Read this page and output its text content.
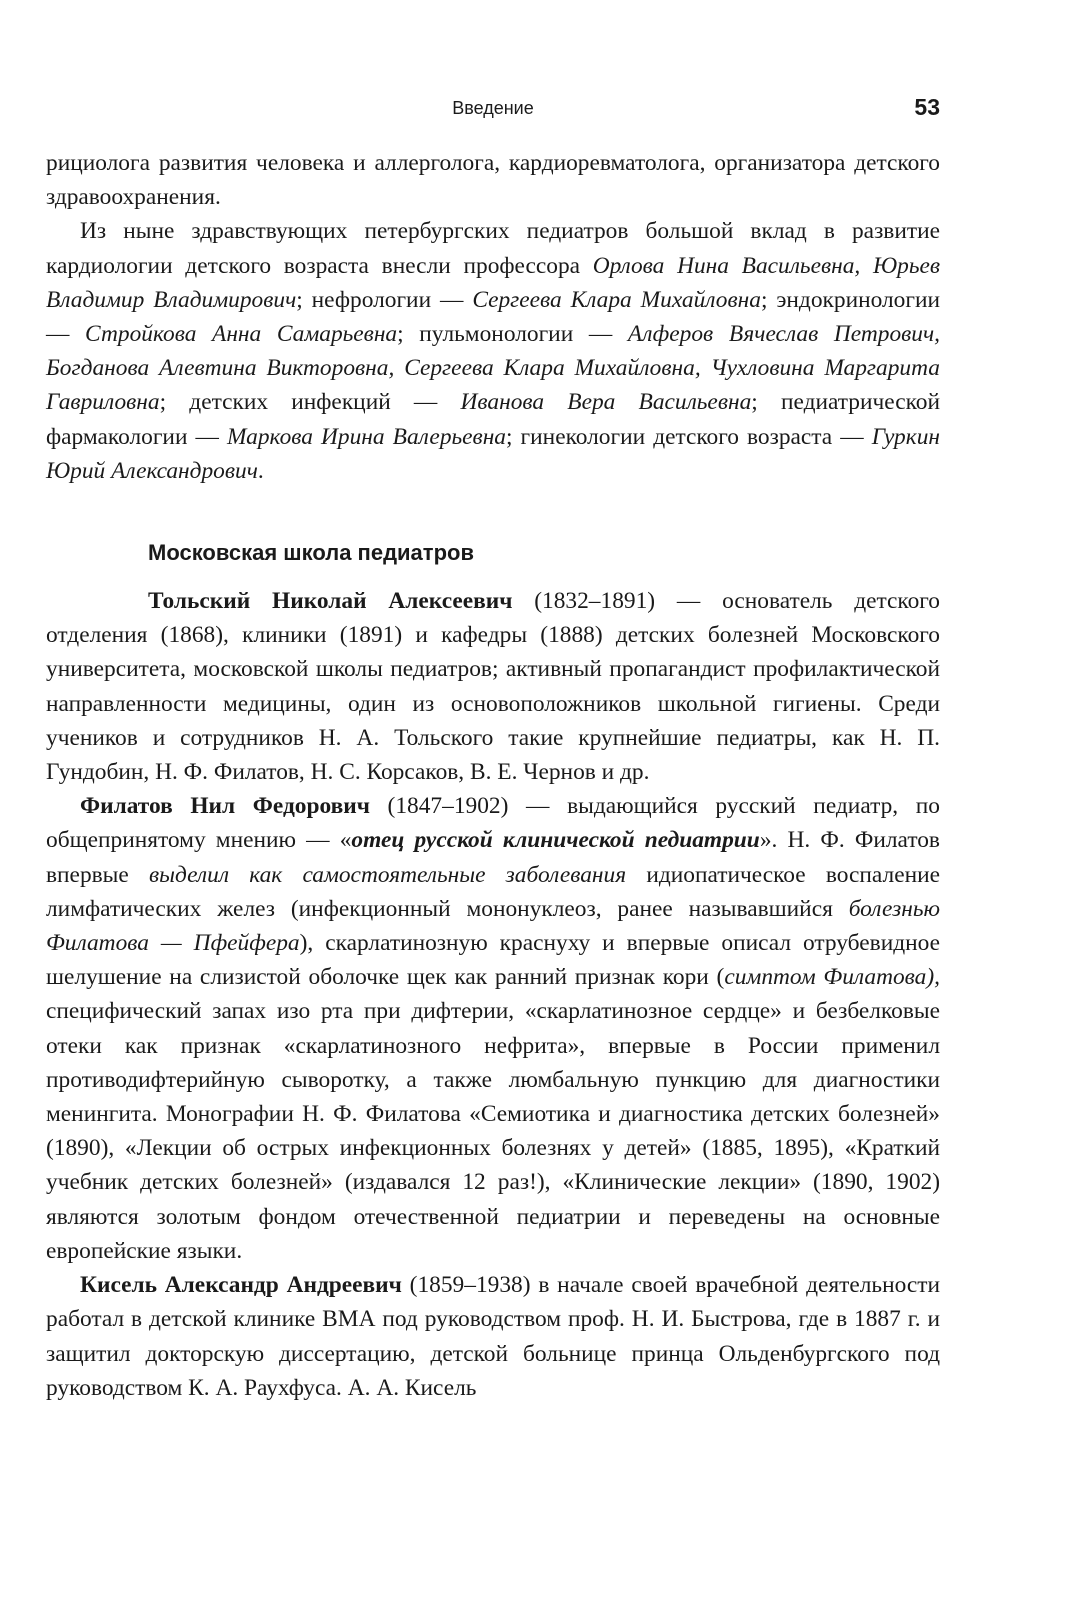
Введение	53

рициолога развития человека и аллерголога, кардиоревматолога, организатора детского здравоохранения.

Из ныне здравствующих петербургских педиатров большой вклад в развитие кардиологии детского возраста внесли профессора Орлова Нина Васильевна, Юрьев Владимир Владимирович; нефрологии — Сергеева Клара Михайловна; эндокринологии — Стройкова Анна Самарьевна; пульмонологии — Алферов Вячеслав Петрович, Богданова Алевтина Викторовна, Сергеева Клара Михайловна, Чухловина Маргарита Гавриловна; детских инфекций — Иванова Вера Васильевна; педиатрической фармакологии — Маркова Ирина Валерьевна; гинекологии детского возраста — Гуркин Юрий Александрович.

Московская школа педиатров

Тольский Николай Алексеевич (1832–1891) — основатель детского отделения (1868), клиники (1891) и кафедры (1888) детских болезней Московского университета, московской школы педиатров; активный пропагандист профилактической направленности медицины, один из основоположников школьной гигиены. Среди учеников и сотрудников Н. А. Тольского такие крупнейшие педиатры, как Н. П. Гундобин, Н. Ф. Филатов, Н. С. Корсаков, В. Е. Чернов и др.

Филатов Нил Федорович (1847–1902) — выдающийся русский педиатр, по общепринятому мнению — «отец русской клинической педиатрии». Н. Ф. Филатов впервые выделил как самостоятельные заболевания идиопатическое воспаление лимфатических желез (инфекционный мононуклеоз, ранее называвшийся болезнью Филатова — Пфейфера), скарлатинозную краснуху и впервые описал отрубевидное шелушение на слизистой оболочке щек как ранний признак кори (симптом Филатова), специфический запах изо рта при дифтерии, «скарлатинозное сердце» и безбелковые отеки как признак «скарлатинозного нефрита», впервые в России применил противодифтерийную сыворотку, а также люмбальную пункцию для диагностики менингита. Монографии Н. Ф. Филатова «Семиотика и диагностика детских болезней» (1890), «Лекции об острых инфекционных болезнях у детей» (1885, 1895), «Краткий учебник детских болезней» (издавался 12 раз!), «Клинические лекции» (1890, 1902) являются золотым фондом отечественной педиатрии и переведены на основные европейские языки.

Кисель Александр Андреевич (1859–1938) в начале своей врачебной деятельности работал в детской клинике ВМА под руководством проф. Н. И. Быстрова, где в 1887 г. и защитил докторскую диссертацию, детской больнице принца Ольденбургского под руководством К. А. Раухфуса. А. А. Кисель
